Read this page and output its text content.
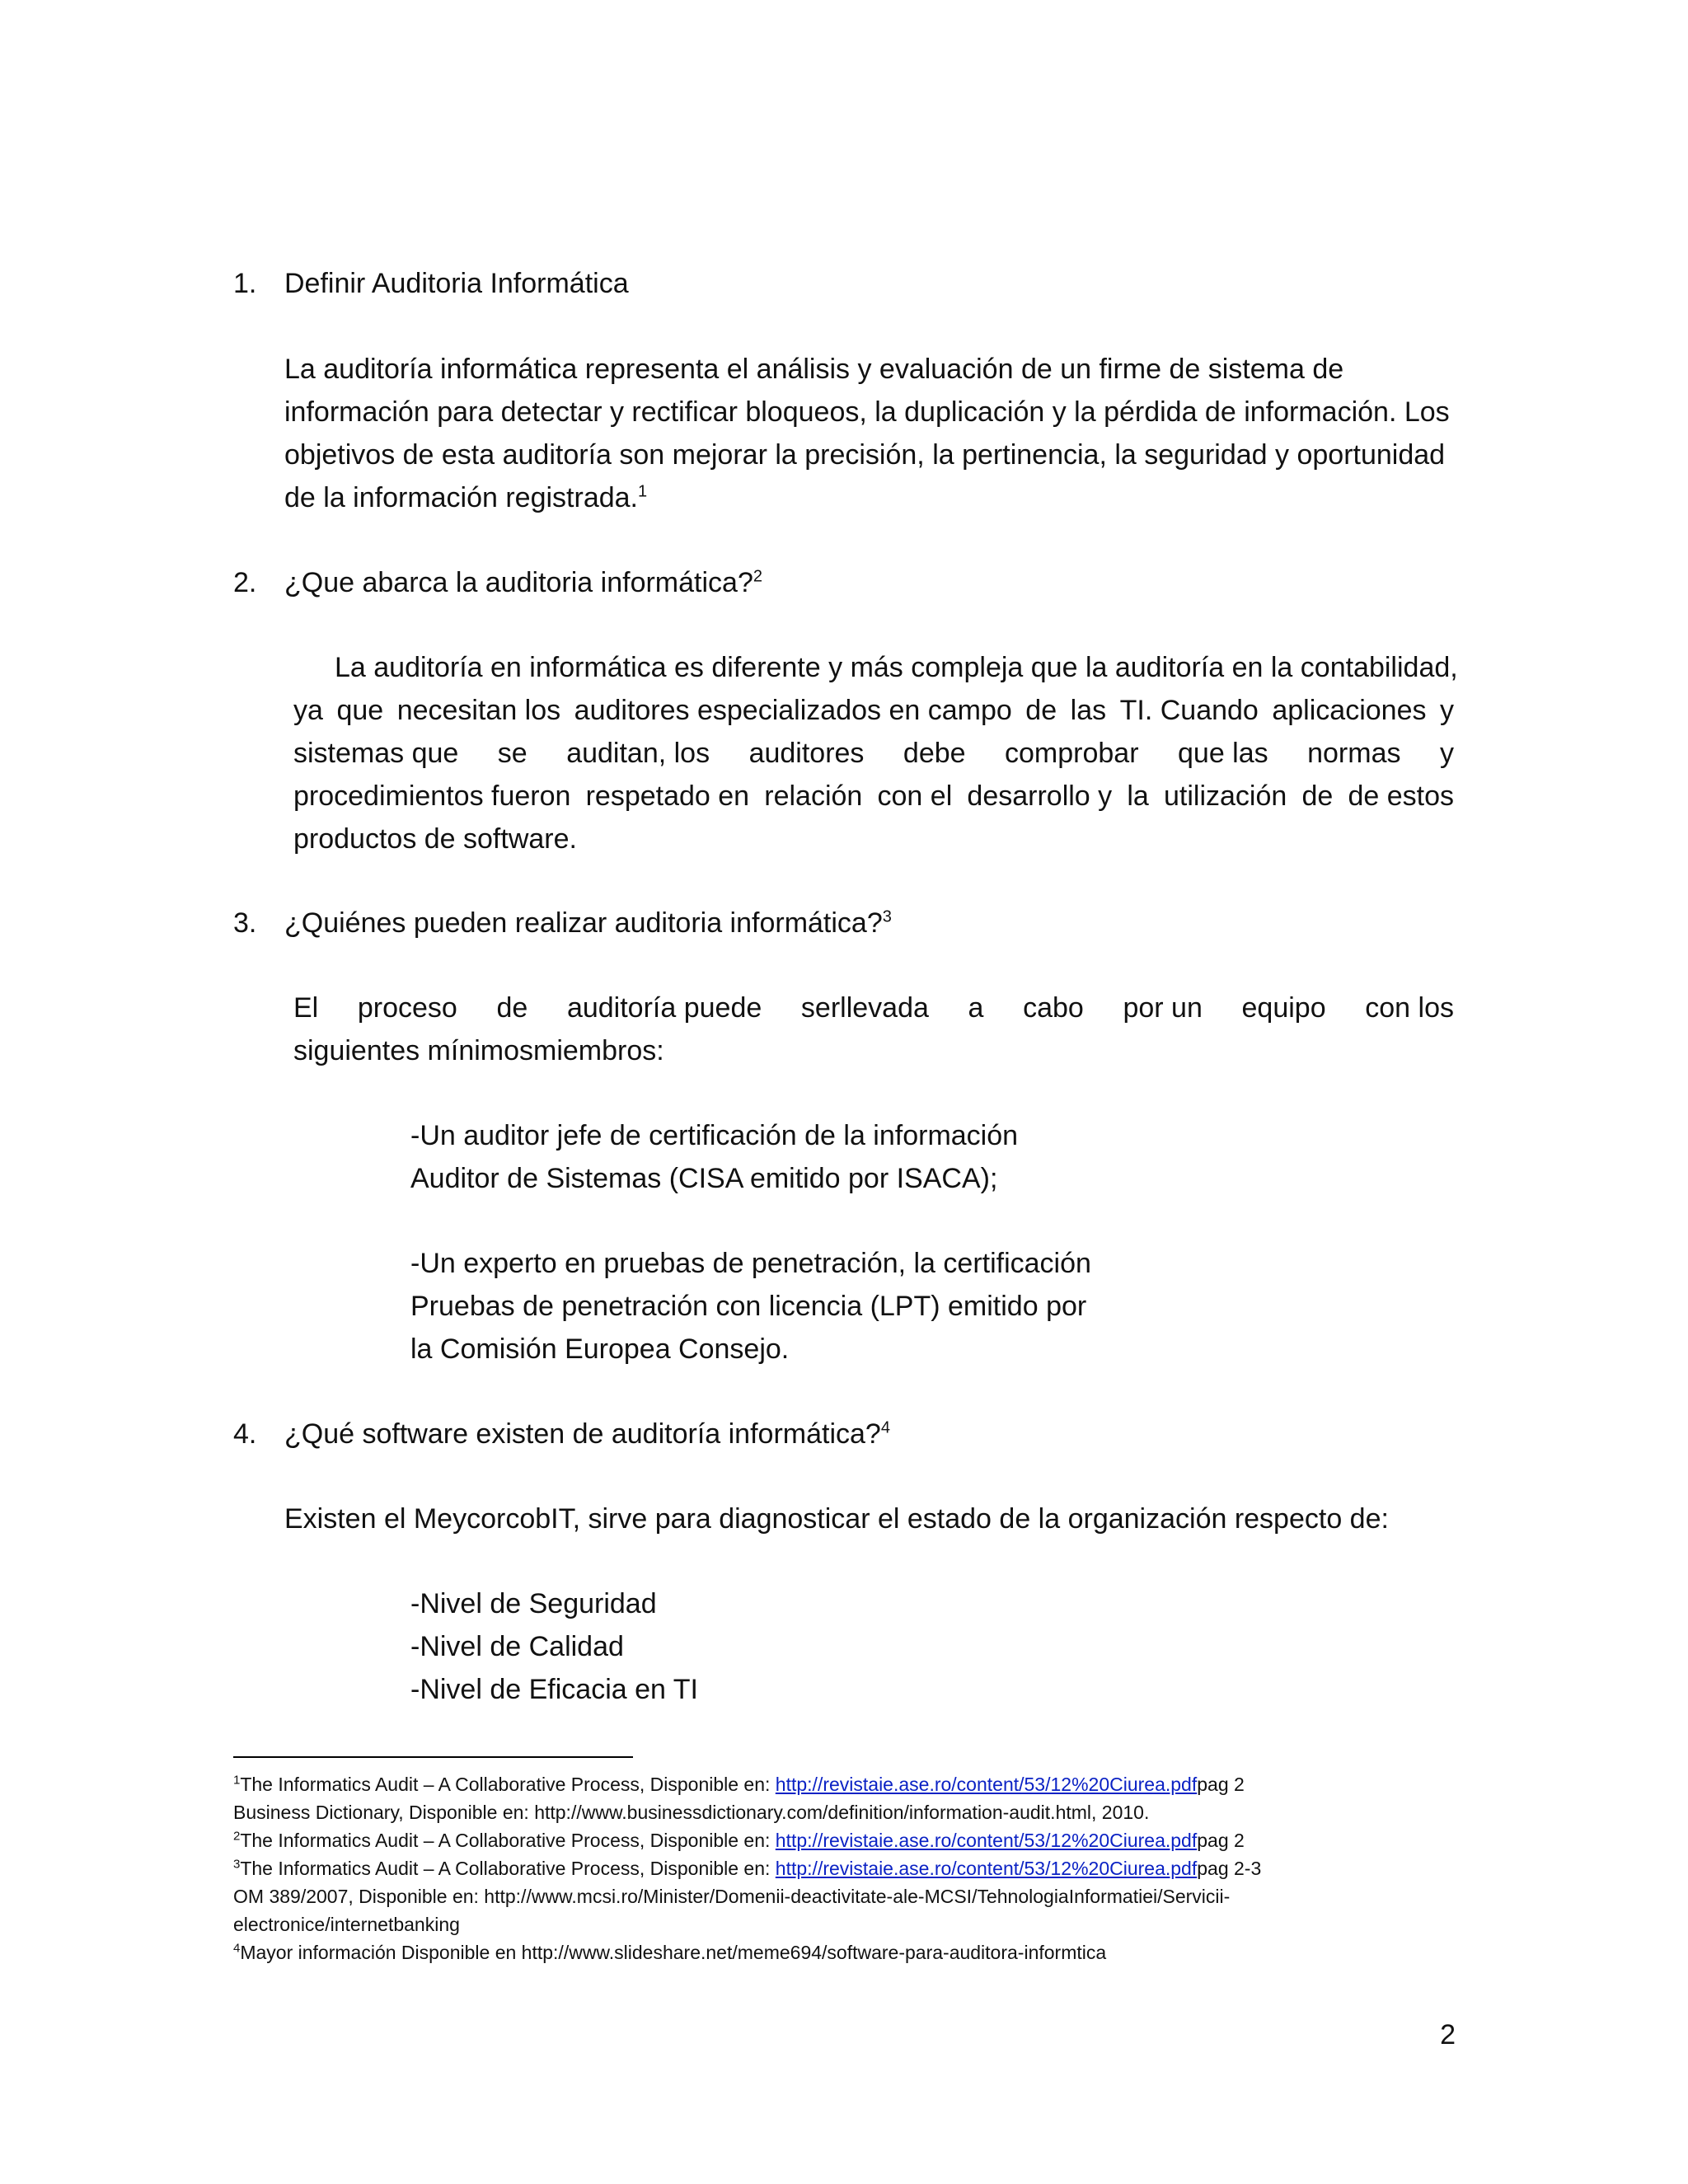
1. Definir Auditoria Informática
La auditoría informática representa el análisis y evaluación de un firme de sistema de
información para detectar y rectificar bloqueos, la duplicación y la pérdida de información. Los
objetivos de esta auditoría son mejorar la precisión, la pertinencia, la seguridad y oportunidad
de la información registrada.$^1$
2. ¿Que abarca la auditoria informática?$^2$
La auditoría en informática es diferente y más compleja que la auditoría en la contabilidad,
ya que necesitan los auditores especializados en campo de las TI. Cuando aplicaciones y
sistemas que se auditan, los auditores debe comprobar que las normas y
procedimientos fueron respetado en relación con el desarrollo y la utilización de de estos
productos de software.
3. ¿Quiénes pueden realizar auditoria informática?$^3$
El proceso de auditoría puede serllevada a cabo por un equipo con los
siguientes mínimosmiembros:
-Un auditor jefe de certificación de la información
Auditor de Sistemas (CISA emitido por ISACA);
-Un experto en pruebas de penetración, la certificación
Pruebas de penetración con licencia (LPT) emitido por
la Comisión Europea Consejo.
4. ¿Qué software existen de auditoría informática?$^4$
Existen el MeycorcobIT, sirve para diagnosticar el estado de la organización respecto de:
-Nivel de Seguridad
-Nivel de Calidad
-Nivel de Eficacia en TI
$^1$The Informatics Audit – A Collaborative Process, Disponible en: http://revistaie.ase.ro/content/53/12%20Ciurea.pdfpag 2
Business Dictionary, Disponible en: http://www.businessdictionary.com/definition/information-audit.html, 2010.
$^2$The Informatics Audit – A Collaborative Process, Disponible en: http://revistaie.ase.ro/content/53/12%20Ciurea.pdfpag 2
$^3$The Informatics Audit – A Collaborative Process, Disponible en: http://revistaie.ase.ro/content/53/12%20Ciurea.pdfpag 2-3
OM 389/2007, Disponible en: http://www.mcsi.ro/Minister/Domenii-deactivitate-ale-MCSI/TehnologiaInformatiei/Servicii-
electronice/internetbanking
$^4$Mayor información Disponible en http://www.slideshare.net/meme694/software-para-auditora-informtica
2
